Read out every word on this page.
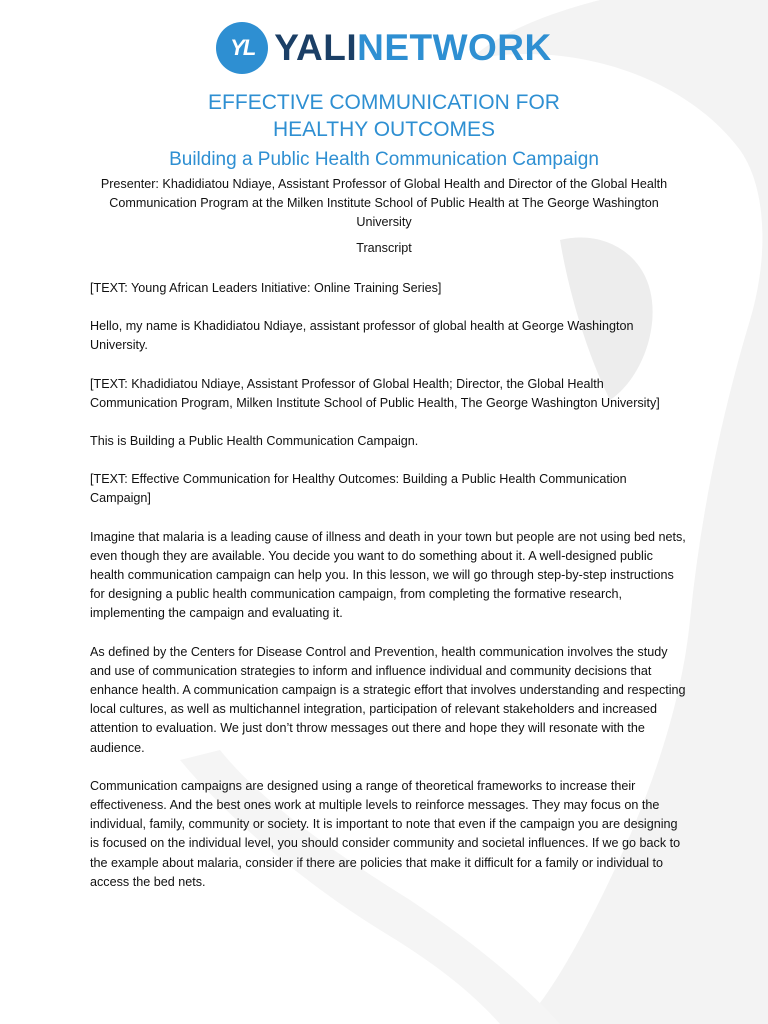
YL YALINETWORK
EFFECTIVE COMMUNICATION FOR
HEALTHY OUTCOMES
Building a Public Health Communication Campaign
Presenter: Khadidiatou Ndiaye, Assistant Professor of Global Health and Director of the Global Health Communication Program at the Milken Institute School of Public Health at The George Washington University
Transcript

[TEXT: Young African Leaders Initiative: Online Training Series]

Hello, my name is Khadidiatou Ndiaye, assistant professor of global health at George Washington University.

[TEXT: Khadidiatou Ndiaye, Assistant Professor of Global Health; Director, the Global Health Communication Program, Milken Institute School of Public Health, The George Washington University]

This is Building a Public Health Communication Campaign.

[TEXT: Effective Communication for Healthy Outcomes: Building a Public Health Communication Campaign]

Imagine that malaria is a leading cause of illness and death in your town but people are not using bed nets, even though they are available. You decide you want to do something about it. A well-designed public health communication campaign can help you. In this lesson, we will go through step-by-step instructions for designing a public health communication campaign, from completing the formative research, implementing the campaign and evaluating it.

As defined by the Centers for Disease Control and Prevention, health communication involves the study and use of communication strategies to inform and influence individual and community decisions that enhance health. A communication campaign is a strategic effort that involves understanding and respecting local cultures, as well as multichannel integration, participation of relevant stakeholders and increased attention to evaluation. We just don’t throw messages out there and hope they will resonate with the audience.

Communication campaigns are designed using a range of theoretical frameworks to increase their effectiveness. And the best ones work at multiple levels to reinforce messages. They may focus on the individual, family, community or society. It is important to note that even if the campaign you are designing is focused on the individual level, you should consider community and societal influences. If we go back to the example about malaria, consider if there are policies that make it difficult for a family or individual to access the bed nets.
